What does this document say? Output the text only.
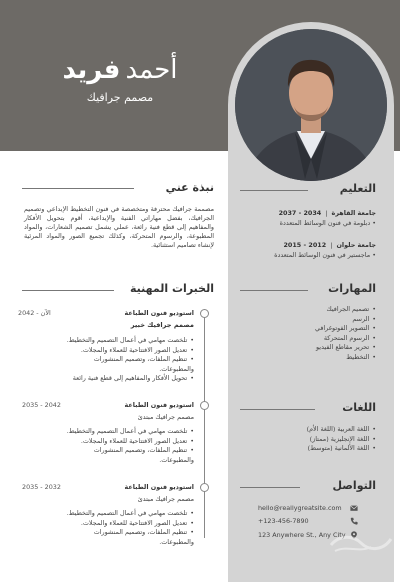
أحمد فريد
مصمم جرافيك
التعليم
جامعة القاهرة  |  2034 - 2037
• دبلومة في فنون الوسائط المتعددة
جامعة حلوان  |  2012 - 2015
• ماجستير في فنون الوسائط المتعددة
المهارات
• تصميم الجرافيك
• الرسم
• التصوير الفوتوغرافي
• الرسوم المتحركة
• تحرير مقاطع الفيديو
• التخطيط
اللغات
• اللغة العربية (اللغة الأم)
• اللغة الإنجليزية (ممتاز)
• اللغة الألمانية (متوسط)
التواصل
hello@reallygreatsite.com
+123-456-7890
123 Anywhere St., Any City
نبذة عني
مصممة جرافيك محترفة ومتخصصة في فنون التخطيط الإبداعي وتصميم الجرافيك، بفضل مهاراتي الفنية والإبداعية، أقوم بتحويل الأفكار والمفاهيم إلى قطع فنية رائعة، عملي يشمل تصميم الشعارات، والمواد المطبوعة، والرسوم المتحركة، وكذلك تجميع الصور والمواد المرئية لإنشاء تصاميم استثنائية.
الخبرات المهنية
2042 - الآن	استوديو فنون الطباعة
مصمم جرافيك خبير
• تلخصت مهامي في أعمال التصميم والتخطيط.
• تعديل الصور الافتتاحية للعملاء والمجلات.
• تنظيم الملفات، وتصميم المنشورات والمطبوعات.
• تحويل الأفكار والمفاهيم إلى قطع فنية رائعة
2035 - 2042	استوديو فنون الطباعة
مصمم جرافيك مبتدئ
• تلخصت مهامي في أعمال التصميم والتخطيط.
• تعديل الصور الافتتاحية للعملاء والمجلات.
• تنظيم الملفات، وتصميم المنشورات والمطبوعات.
2035 - 2032	استوديو فنون الطباعة
مصمم جرافيك مبتدئ
• تلخصت مهامي في أعمال التصميم والتخطيط.
• تعديل الصور الافتتاحية للعملاء والمجلات.
• تنظيم الملفات، وتصميم المنشورات والمطبوعات.
